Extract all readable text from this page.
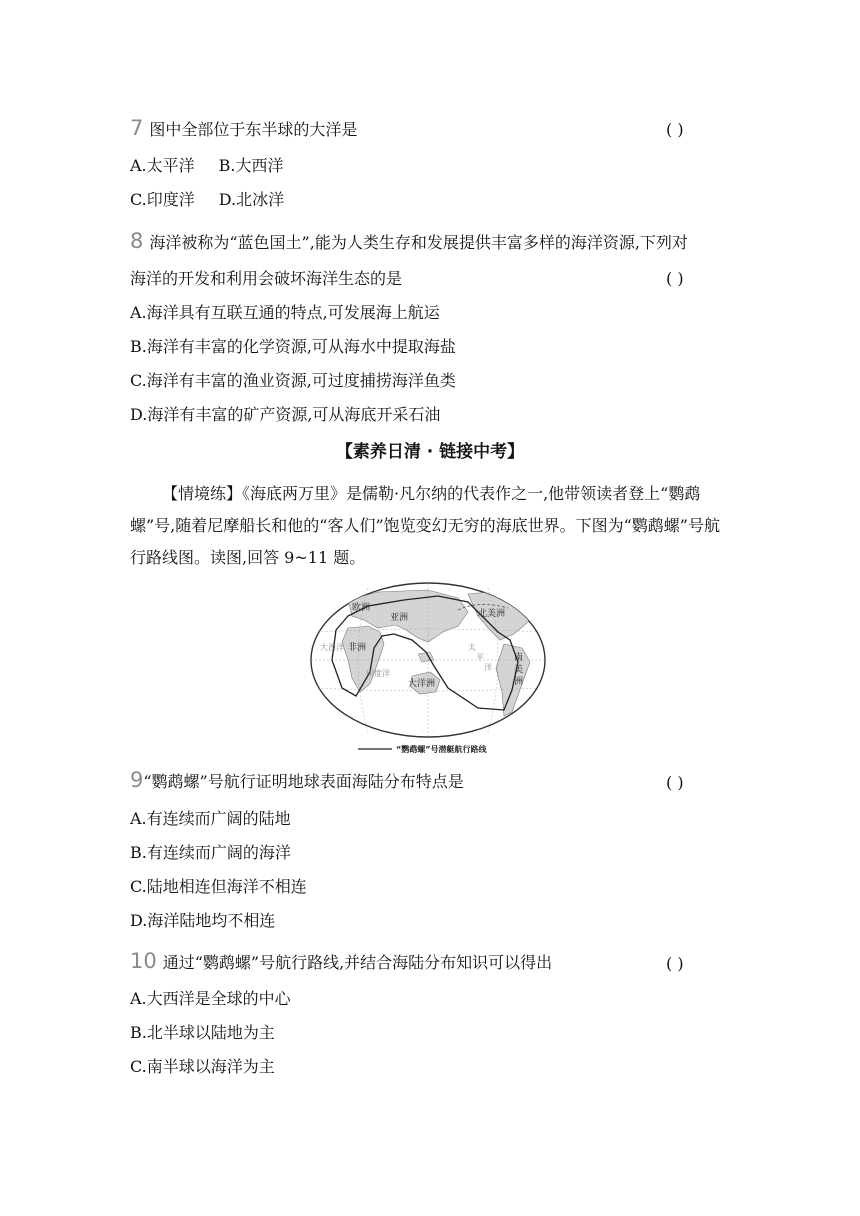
7 图中全部位于东半球的大洋是	( )
A.太平洋 B.大西洋
C.印度洋 D.北冰洋
8 海洋被称为“蓝色国土”,能为人类生存和发展提供丰富多样的海洋资源,下列对
海洋的开发和利用会破坏海洋生态的是	( )
A.海洋具有互联互通的特点,可发展海上航运
B.海洋有丰富的化学资源,可从海水中提取海盐
C.海洋有丰富的渔业资源,可过度捕捞海洋鱼类
D.海洋有丰富的矿产资源,可从海底开采石油
【素养日清 · 链接中考】
【情境练】《海底两万里》是儒勒·凡尔纳的代表作之一,他带领读者登上“鹦鹉螺”号,随着尼摩船长和他的“客人们”饱览变幻无穷的海底世界。下图为“鹦鹉螺”号航行路线图。读图,回答 9~11 题。
欧洲
亚洲
非洲
大洋洲
北美洲
南
美
洲
印度洋
太
平
洋
大西洋
“鹦鹉螺”号潜艇航行路线
9“鹦鹉螺”号航行证明地球表面海陆分布特点是	( )
A.有连续而广阔的陆地
B.有连续而广阔的海洋
C.陆地相连但海洋不相连
D.海洋陆地均不相连
10 通过“鹦鹉螺”号航行路线,并结合海陆分布知识可以得出	( )
A.大西洋是全球的中心
B.北半球以陆地为主
C.南半球以海洋为主
